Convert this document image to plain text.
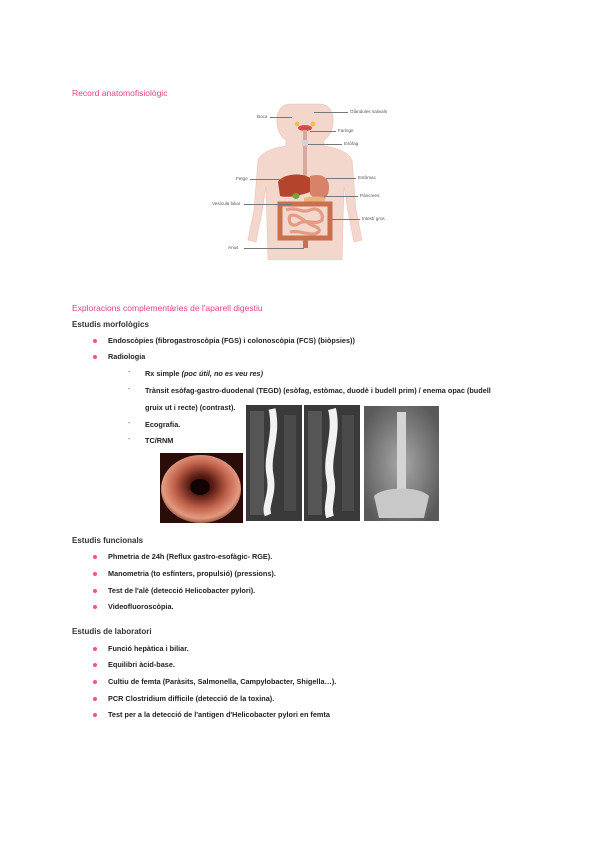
Record anatomofisiològic
Boca
Glàndules salivals
Faringe
Esòfag
Fetge	Estòmac
Pàncrees
Vesícula biliar
Intestí gros
Anus
Exploracions complementàries de l'aparell digestiu
Estudis morfològics
Endoscòpies (fibrogastroscòpia (FGS) i colonoscòpia (FCS) (biòpsies))
Radiologia
- Rx simple (poc útil, no es veu res)
- Trànsit esòfag-gastro-duodenal (TEGD) (esòfag, estòmac, duodè i budell prim) / enema opac (budell
gruix ut i recte) (contrast).
- Ecografia.
- TC/RNM
Estudis funcionals
Phmetria de 24h (Reflux gastro-esofàgic- RGE).
Manometria (to esfínters, propulsió) (pressions).
Test de l'alè (detecció Helicobacter pylori).
Videofluoroscòpia.
Estudis de laboratori
Funció hepàtica i biliar.
Equilibri àcid-base.
Cultiu de femta (Paràsits, Salmonella, Campylobacter, Shigella…).
PCR Clostridium difficile (detecció de la toxina).
Test per a la detecció de l'antigen d'Helicobacter pylori en femta
